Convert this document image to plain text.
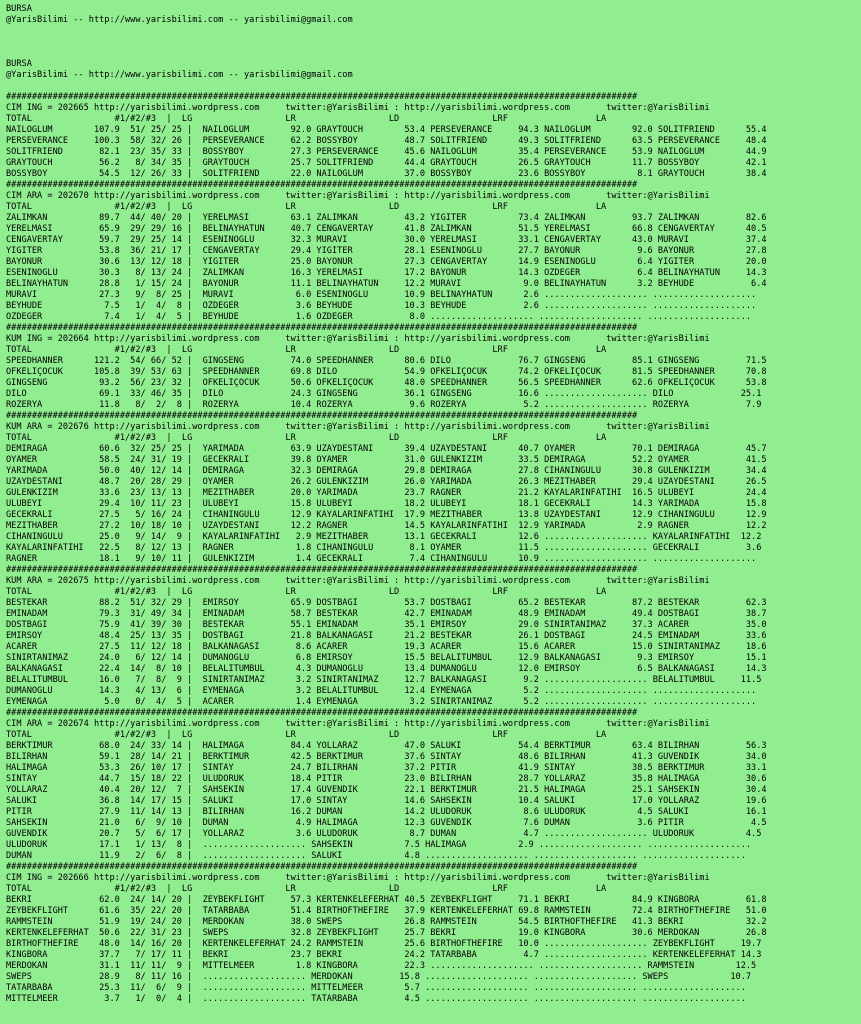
BURSA
@YarisBilimi -- http://www.yarisbilimi.com -- yarisbilimi@gmail.com
BURSA
@YarisBilimi -- http://www.yarisbilimi.com -- yarisbilimi@gmail.com
##########################################################################################################################
CIM ING = 202665 http://yarisbilimi.wordpress.com     twitter:@YarisBilimi : http://yarisbilimi.wordpress.com       twitter:@YarisBilimi
TOTAL                #1/#2/#3  |  LG                  LR                  LD                  LRF                 LA
NAILOGLUM        107.9  51/ 25/ 25 |  NAILOGLUM        92.0 GRAYTOUCH        53.4 PERSEVERANCE     94.3 NAILOGLUM        92.0 SOLITFRIEND      55.4
PERSEVERANCE     100.3  58/ 32/ 26 |  PERSEVERANCE     62.2 BOSSYBOY         48.7 SOLITFRIEND      49.3 SOLITFRIEND      63.5 PERSEVERANCE     48.4
SOLITFRIEND       82.1  23/ 35/ 33 |  BOSSYBOY         27.3 PERSEVERANCE     45.6 NAILOGLUM        35.4 PERSEVERANCE     53.9 NAILOGLUM        44.9
GRAYTOUCH         56.2   8/ 34/ 35 |  GRAYTOUCH        25.7 SOLITFRIEND      44.4 GRAYTOUCH        26.5 GRAYTOUCH        11.7 BOSSYBOY         42.1
BOSSYBOY          54.5  12/ 26/ 33 |  SOLITFRIEND      22.0 NAILOGLUM        37.0 BOSSYBOY         23.6 BOSSYBOY          8.1 GRAYTOUCH        38.4
##########################################################################################################################
CIM ARA = 202670 http://yarisbilimi.wordpress.com     twitter:@YarisBilimi : http://yarisbilimi.wordpress.com       twitter:@YarisBilimi
TOTAL                #1/#2/#3  |  LG                  LR                  LD                  LRF                 LA
ZALIMKAN          89.7  44/ 40/ 20 |  YERELMASI        63.1 ZALIMKAN         43.2 YIGITER          73.4 ZALIMKAN         93.7 ZALIMKAN         82.6
YERELMASI         65.9  29/ 29/ 16 |  BELINAYHATUN     40.7 CENGAVERTAY      41.8 ZALIMKAN         51.5 YERELMASI        66.8 CENGAVERTAY      40.5
CENGAVERTAY       59.7  29/ 25/ 14 |  ESENINOGLU       32.3 MÜRAVI           30.0 YERELMASI        33.1 CENGAVERTAY      43.0 MÜRAVI           37.4
YIGITER           53.8  36/ 21/ 17 |  CENGAVERTAY      29.4 YIGITER          28.1 ESENINOGLU       27.7 BAYONUR           9.6 BAYONUR          27.8
BAYONUR           30.6  13/ 12/ 18 |  YIGITER          25.0 BAYONUR          27.3 CENGAVERTAY      14.9 ESENINOGLU        6.4 YIGITER          20.0
ESENINOGLU        30.3   8/ 13/ 24 |  ZALIMKAN         16.3 YERELMASI        17.2 BAYONUR          14.3 ÖZDEGER           6.4 BELINAYHATUN     14.3
BELINAYHATUN      28.8   1/ 15/ 24 |  BAYONUR          11.1 BELINAYHATUN     12.2 MÜRAVI            9.0 BELINAYHATUN      3.2 BEYHUDE           6.4
MÜRAVI            27.3   9/  8/ 25 |  MÜRAVI            6.0 ESENINOGLU       10.9 BELINAYHATUN      2.6 .................... ....................
BEYHUDE            7.5   1/  4/  8 |  ÖZDEGER           3.6 BEYHUDE          10.3 BEYHUDE           2.6 .................... ....................
ÖZDEGER            7.4   1/  4/  5 |  BEYHUDE           1.6 ÖZDEGER           8.0 .................... .................... ....................
##########################################################################################################################
KUM ING = 202664 http://yarisbilimi.wordpress.com     twitter:@YarisBilimi : http://yarisbilimi.wordpress.com       twitter:@YarisBilimi
TOTAL                #1/#2/#3  |  LG                  LR                  LD                  LRF                 LA
SPEEDHANNER      121.2  54/ 66/ 52 |  GINGSENG         74.0 SPEEDHANNER      80.6 DILO             76.7 GINGSENG         85.1 GINGSENG         71.5
ÖFKELIÇOCUK      105.8  39/ 53/ 63 |  SPEEDHANNER      69.8 DILO             54.9 ÖFKELIÇOCUK      74.2 ÖFKELIÇOCUK      81.5 SPEEDHANNER      70.8
GINGSENG          93.2  56/ 23/ 32 |  ÖFKELIÇOCUK      50.6 ÖFKELIÇOCUK      48.0 SPEEDHANNER      56.5 SPEEDHANNER      62.6 ÖFKELIÇOCUK      53.8
DILO              69.1  33/ 46/ 35 |  DILO             24.3 GINGSENG         36.1 GINGSENG         16.6 .................... DILO             25.1
ROZERYA           11.8   8/  2/  8 |  ROZERYA          10.4 ROZERYA           9.6 ROZERYA           5.2 .................... ROZERYA           7.9
##########################################################################################################################
KUM ARA = 202676 http://yarisbilimi.wordpress.com     twitter:@YarisBilimi : http://yarisbilimi.wordpress.com       twitter:@YarisBilimi
TOTAL                #1/#2/#3  |  LG                  LR                  LD                  LRF                 LA
DEMIRAGA          60.6  32/ 25/ 25 |  YARIMADA         63.9 UZAYDESTANI      39.4 UZAYDESTANI      40.7 OYAMER           70.1 DEMIRAGA         45.7
OYAMER            58.5  24/ 31/ 19 |  GECEKRALI        39.8 OYAMER           31.0 GÜLENKIZIM       33.5 DEMIRAGA         52.2 OYAMER           41.5
YARIMADA          50.0  40/ 12/ 14 |  DEMIRAGA         32.3 DEMIRAGA         29.8 DEMIRAGA         27.8 CIHANINGÜLÜ      30.8 GÜLENKIZIM       34.4
UZAYDESTANI       48.7  20/ 28/ 29 |  OYAMER           26.2 GÜLENKIZIM       26.0 YARIMADA         26.3 MEZITHABER       29.4 UZAYDESTANI      26.5
GÜLENKIZIM        33.6  23/ 13/ 13 |  MEZITHABER       20.0 YARIMADA         23.7 RAGNER           21.2 KAYALARINFATIHI  16.5 ULUBEYI          24.4
ULUBEYI           29.4  10/ 11/ 23 |  ULUBEYI          15.8 ULUBEYI          18.2 ULUBEYI          18.1 GECEKRALI        14.3 YARIMADA         15.8
GECEKRALI         27.5   5/ 16/ 24 |  CIHANINGÜLÜ      12.9 KAYALARINFATIHI  17.9 MEZITHABER       13.8 UZAYDESTANI      12.9 CIHANINGÜLÜ      12.9
MEZITHABER        27.2  10/ 18/ 10 |  UZAYDESTANI      12.2 RAGNER           14.5 KAYALARINFATIHI  12.9 YARIMADA          2.9 RAGNER           12.2
CIHANINGÜLÜ       25.0   9/ 14/  9 |  KAYALARINFATIHI   2.9 MEZITHABER       13.1 GECEKRALI        12.6 .................... KAYALARINFATIHI  12.2
KAYALARINFATIHI   22.5   8/ 12/ 13 |  RAGNER            1.8 CIHANINGÜLÜ       8.1 OYAMER           11.5 .................... GECEKRALI         3.6
RAGNER            18.1   9/ 10/ 11 |  GÜLENKIZIM        1.4 GECEKRALI         7.4 CIHANINGÜLÜ      10.9 .................... ....................
##########################################################################################################################
KUM ARA = 202675 http://yarisbilimi.wordpress.com     twitter:@YarisBilimi : http://yarisbilimi.wordpress.com       twitter:@YarisBilimi
TOTAL                #1/#2/#3  |  LG                  LR                  LD                  LRF                 LA
BESTEKAR          88.2  51/ 32/ 29 |  EMIRSOY          65.9 DOSTBAGI         53.7 DOSTBAGI         65.2 BESTEKAR         87.2 BESTEKAR         62.3
EMINADAM          79.3  31/ 49/ 34 |  EMINADAM         58.7 BESTEKAR         42.7 EMINADAM         48.9 EMINADAM         49.4 DOSTBAGI         38.7
DOSTBAGI          75.9  41/ 39/ 30 |  BESTEKAR         55.1 EMINADAM         35.1 EMIRSOY          29.0 SINIRTANIMAZ     37.3 ACARER           35.0
EMIRSOY           48.4  25/ 13/ 35 |  DOSTBAGI         21.8 BALKANAGASI      21.2 BESTEKAR         26.1 DOSTBAGI         24.5 EMINADAM         33.6
ACARER            27.5  11/ 12/ 18 |  BALKANAGASI       8.6 ACARER           19.3 ACARER           15.6 ACARER           15.0 SINIRTANIMAZ     18.6
SINIRTANIMAZ      24.0   6/ 12/ 14 |  DUMANOGLU         6.8 EMIRSOY          15.5 BELALITUMBUL     12.9 BALKANAGASI       9.3 EMIRSOY          15.1
BALKANAGASI       22.4  14/  8/ 10 |  BELALITUMBUL      4.3 DUMANOGLU        13.4 DUMANOGLU        12.0 EMIRSOY           6.5 BALKANAGASI      14.3
BELALITUMBUL      16.0   7/  8/  9 |  SINIRTANIMAZ      3.2 SINIRTANIMAZ     12.7 BALKANAGASI       9.2 .................... BELALITUMBUL     11.5
DUMANOGLU         14.3   4/ 13/  6 |  EYMENAGA          3.2 BELALITUMBUL     12.4 EYMENAGA          5.2 .................... ....................
EYMENAGA           5.0   0/  4/  5 |  ACARER            1.4 EYMENAGA          3.2 SINIRTANIMAZ      5.2 .................... ....................
##########################################################################################################################
CIM ARA = 202674 http://yarisbilimi.wordpress.com     twitter:@YarisBilimi : http://yarisbilimi.wordpress.com       twitter:@YarisBilimi
TOTAL                #1/#2/#3  |  LG                  LR                  LD                  LRF                 LA
BERKTIMUR         68.0  24/ 33/ 14 |  HALIMAGA         84.4 YOLLARAZ         47.0 SALUKI           54.4 BERKTIMUR        63.4 BILIRHAN         56.3
BILIRHAN          59.1  28/ 14/ 21 |  BERKTIMUR        42.5 BERKTIMUR        37.6 SINTAY           48.6 BILIRHAN         41.3 GÜVENDIK         34.0
HALIMAGA          53.3  26/ 10/ 17 |  SINTAY           24.7 BILIRHAN         37.2 PITIR            41.9 SINTAY           38.5 BERKTIMUR        33.1
SINTAY            44.7  15/ 18/ 22 |  ULUDORUK         18.4 PITIR            23.0 BILIRHAN         28.7 YOLLARAZ         35.8 HALIMAGA         30.6
YOLLARAZ          40.4  20/ 12/  7 |  SAHSEKIN         17.4 GÜVENDIK         22.1 BERKTIMUR        21.5 HALIMAGA         25.1 SAHSEKIN         30.4
SALUKI            36.8  14/ 17/ 15 |  SALUKI           17.0 SINTAY           14.6 SAHSEKIN         10.4 SALUKI           17.0 YOLLARAZ         19.6
PITIR             27.9  11/ 14/ 13 |  BILIRHAN         16.2 DUMAN            14.2 ULUDORUK          8.6 ULUDORUK          4.5 SALUKI           16.1
SAHSEKIN          21.0   6/  9/ 10 |  DUMAN             4.9 HALIMAGA         12.3 GÜVENDIK          7.6 DUMAN             3.6 PITIR             4.5
GÜVENDIK          20.7   5/  6/ 17 |  YOLLARAZ          3.6 ULUDORUK          8.7 DUMAN             4.7 .................... ULUDORUK          4.5
ULUDORUK          17.1   1/ 13/  8 |  .................... SAHSEKIN          7.5 HALIMAGA          2.9 .................... ....................
DUMAN             11.9   2/  6/  8 |  .................... SALUKI            4.8 .................... .................... ....................
##########################################################################################################################
CIM ING = 202666 http://yarisbilimi.wordpress.com     twitter:@YarisBilimi : http://yarisbilimi.wordpress.com       twitter:@YarisBilimi
TOTAL                #1/#2/#3  |  LG                  LR                  LD                  LRF                 LA
BEKRI             62.0  24/ 14/ 20 |  ZEYBEKFLIGHT     57.3 KERTENKELEFERHAT 40.5 ZEYBEKFLIGHT     71.1 BEKRI            84.9 KINGBORA         61.8
ZEYBEKFLIGHT      61.6  35/ 22/ 20 |  TATARBABA        51.4 BIRTHOFTHEFIRE   37.9 KERTENKELEFERHAT 69.8 RAMMSTEIN        72.4 BIRTHOFTHEFIRE   51.0
RAMMSTEIN         51.9  19/ 24/ 20 |  MERDOKAN         38.0 SWEPS            26.8 RAMMSTEIN        54.5 BIRTHOFTHEFIRE   41.3 BEKRI            32.2
KERTENKELEFERHAT  50.6  22/ 31/ 23 |  SWEPS            32.8 ZEYBEKFLIGHT     25.7 BEKRI            19.0 KINGBORA         30.6 MERDOKAN         26.8
BIRTHOFTHEFIRE    48.0  14/ 16/ 20 |  KERTENKELEFERHAT 24.2 RAMMSTEIN        25.6 BIRTHOFTHEFIRE   10.0 .................... ZEYBEKFLIGHT     19.7
KINGBORA          37.7   7/ 17/ 11 |  BEKRI            23.7 BEKRI            24.2 TATARBABA         4.7 .................... KERTENKELEFERHAT 14.3
MERDOKAN          31.1  11/ 11/  9 |  MITTELMEER        1.8 KINGBORA         22.3 .................... .................... RAMMSTEIN        12.5
SWEPS             28.9   8/ 11/ 16 |  .................... MERDOKAN         15.8 .................... .................... SWEPS            10.7
TATARBABA         25.3  11/  6/  9 |  .................... MITTELMEER        5.7 .................... .................... ....................
MITTELMEER         3.7   1/  0/  4 |  .................... TATARBABA         4.5 .................... .................... ....................
